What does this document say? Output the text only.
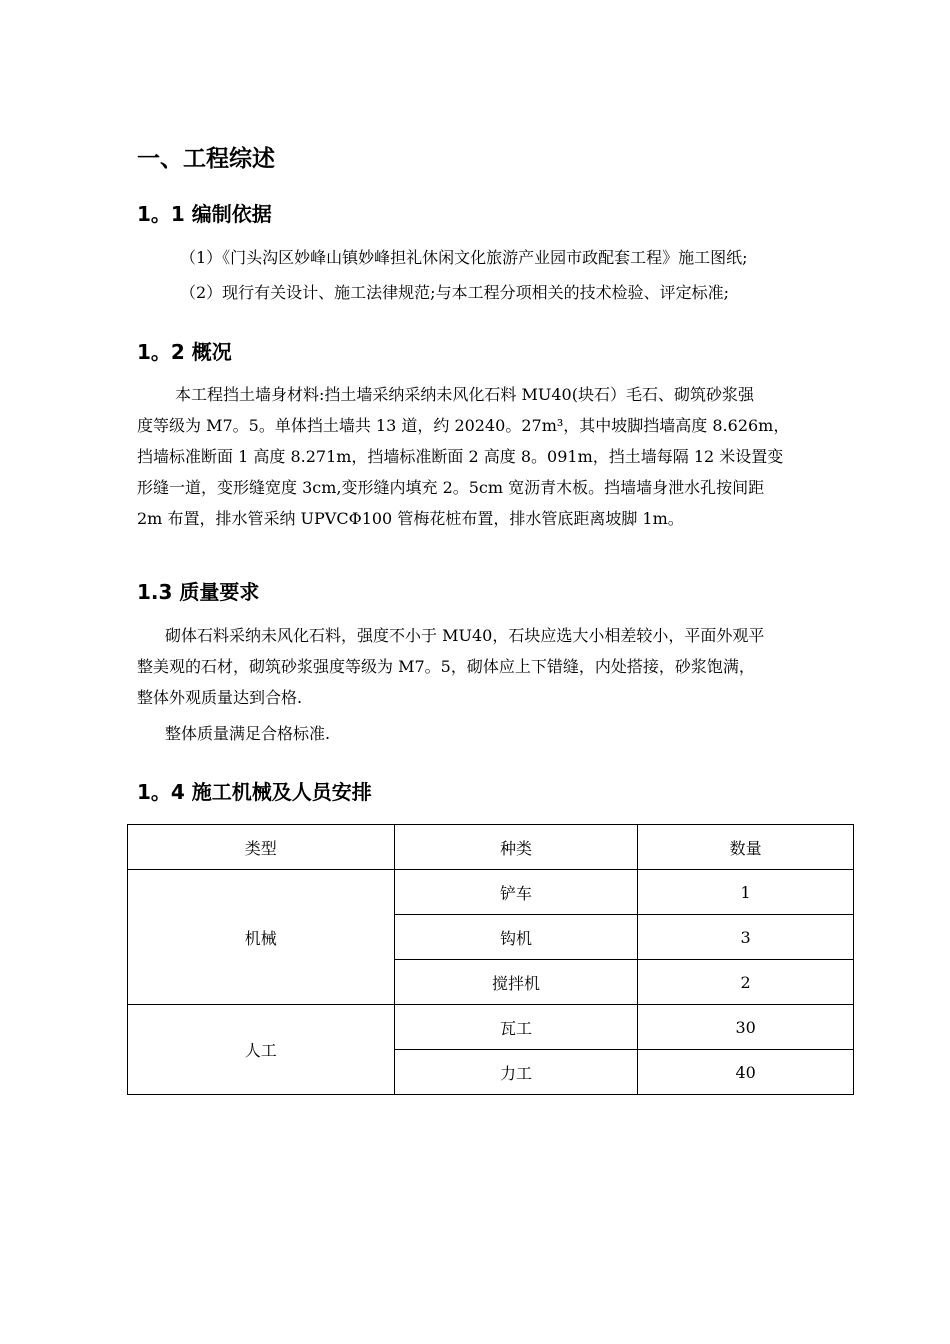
一、工程综述
1。1 编制依据

（1）《门头沟区妙峰山镇妙峰担礼休闲文化旅游产业园市政配套工程》施工图纸;

（2）现行有关设计、施工法律规范;与本工程分项相关的技术检验、评定标准;

1。2 概况

本工程挡土墙身材料:挡土墙采纳采纳未风化石料 MU40(块石）毛石、砌筑砂浆强

度等级为 M7。5。单体挡土墙共 13 道，约 20240。27m³，其中坡脚挡墙高度 8.626m，

挡墙标准断面 1 高度 8.271m，挡墙标准断面 2 高度 8。091m，挡土墙每隔 12 米设置变

形缝一道，变形缝宽度 3cm,变形缝内填充 2。5cm 宽沥青木板。挡墙墙身泄水孔按间距

2m 布置，排水管采纳 UPVCΦ100 管梅花桩布置，排水管底距离坡脚 1m。

1.3 质量要求

砌体石料采纳未风化石料，强度不小于 MU40，石块应选大小相差较小，平面外观平

整美观的石材，砌筑砂浆强度等级为 M7。5，砌体应上下错缝，内处搭接，砂浆饱满，

整体外观质量达到合格.

整体质量满足合格标准.

1。4 施工机械及人员安排
类型	种类	数量
机械	铲车	1
	钩机	3
	搅拌机	2
人工	瓦工	30
	力工	40
